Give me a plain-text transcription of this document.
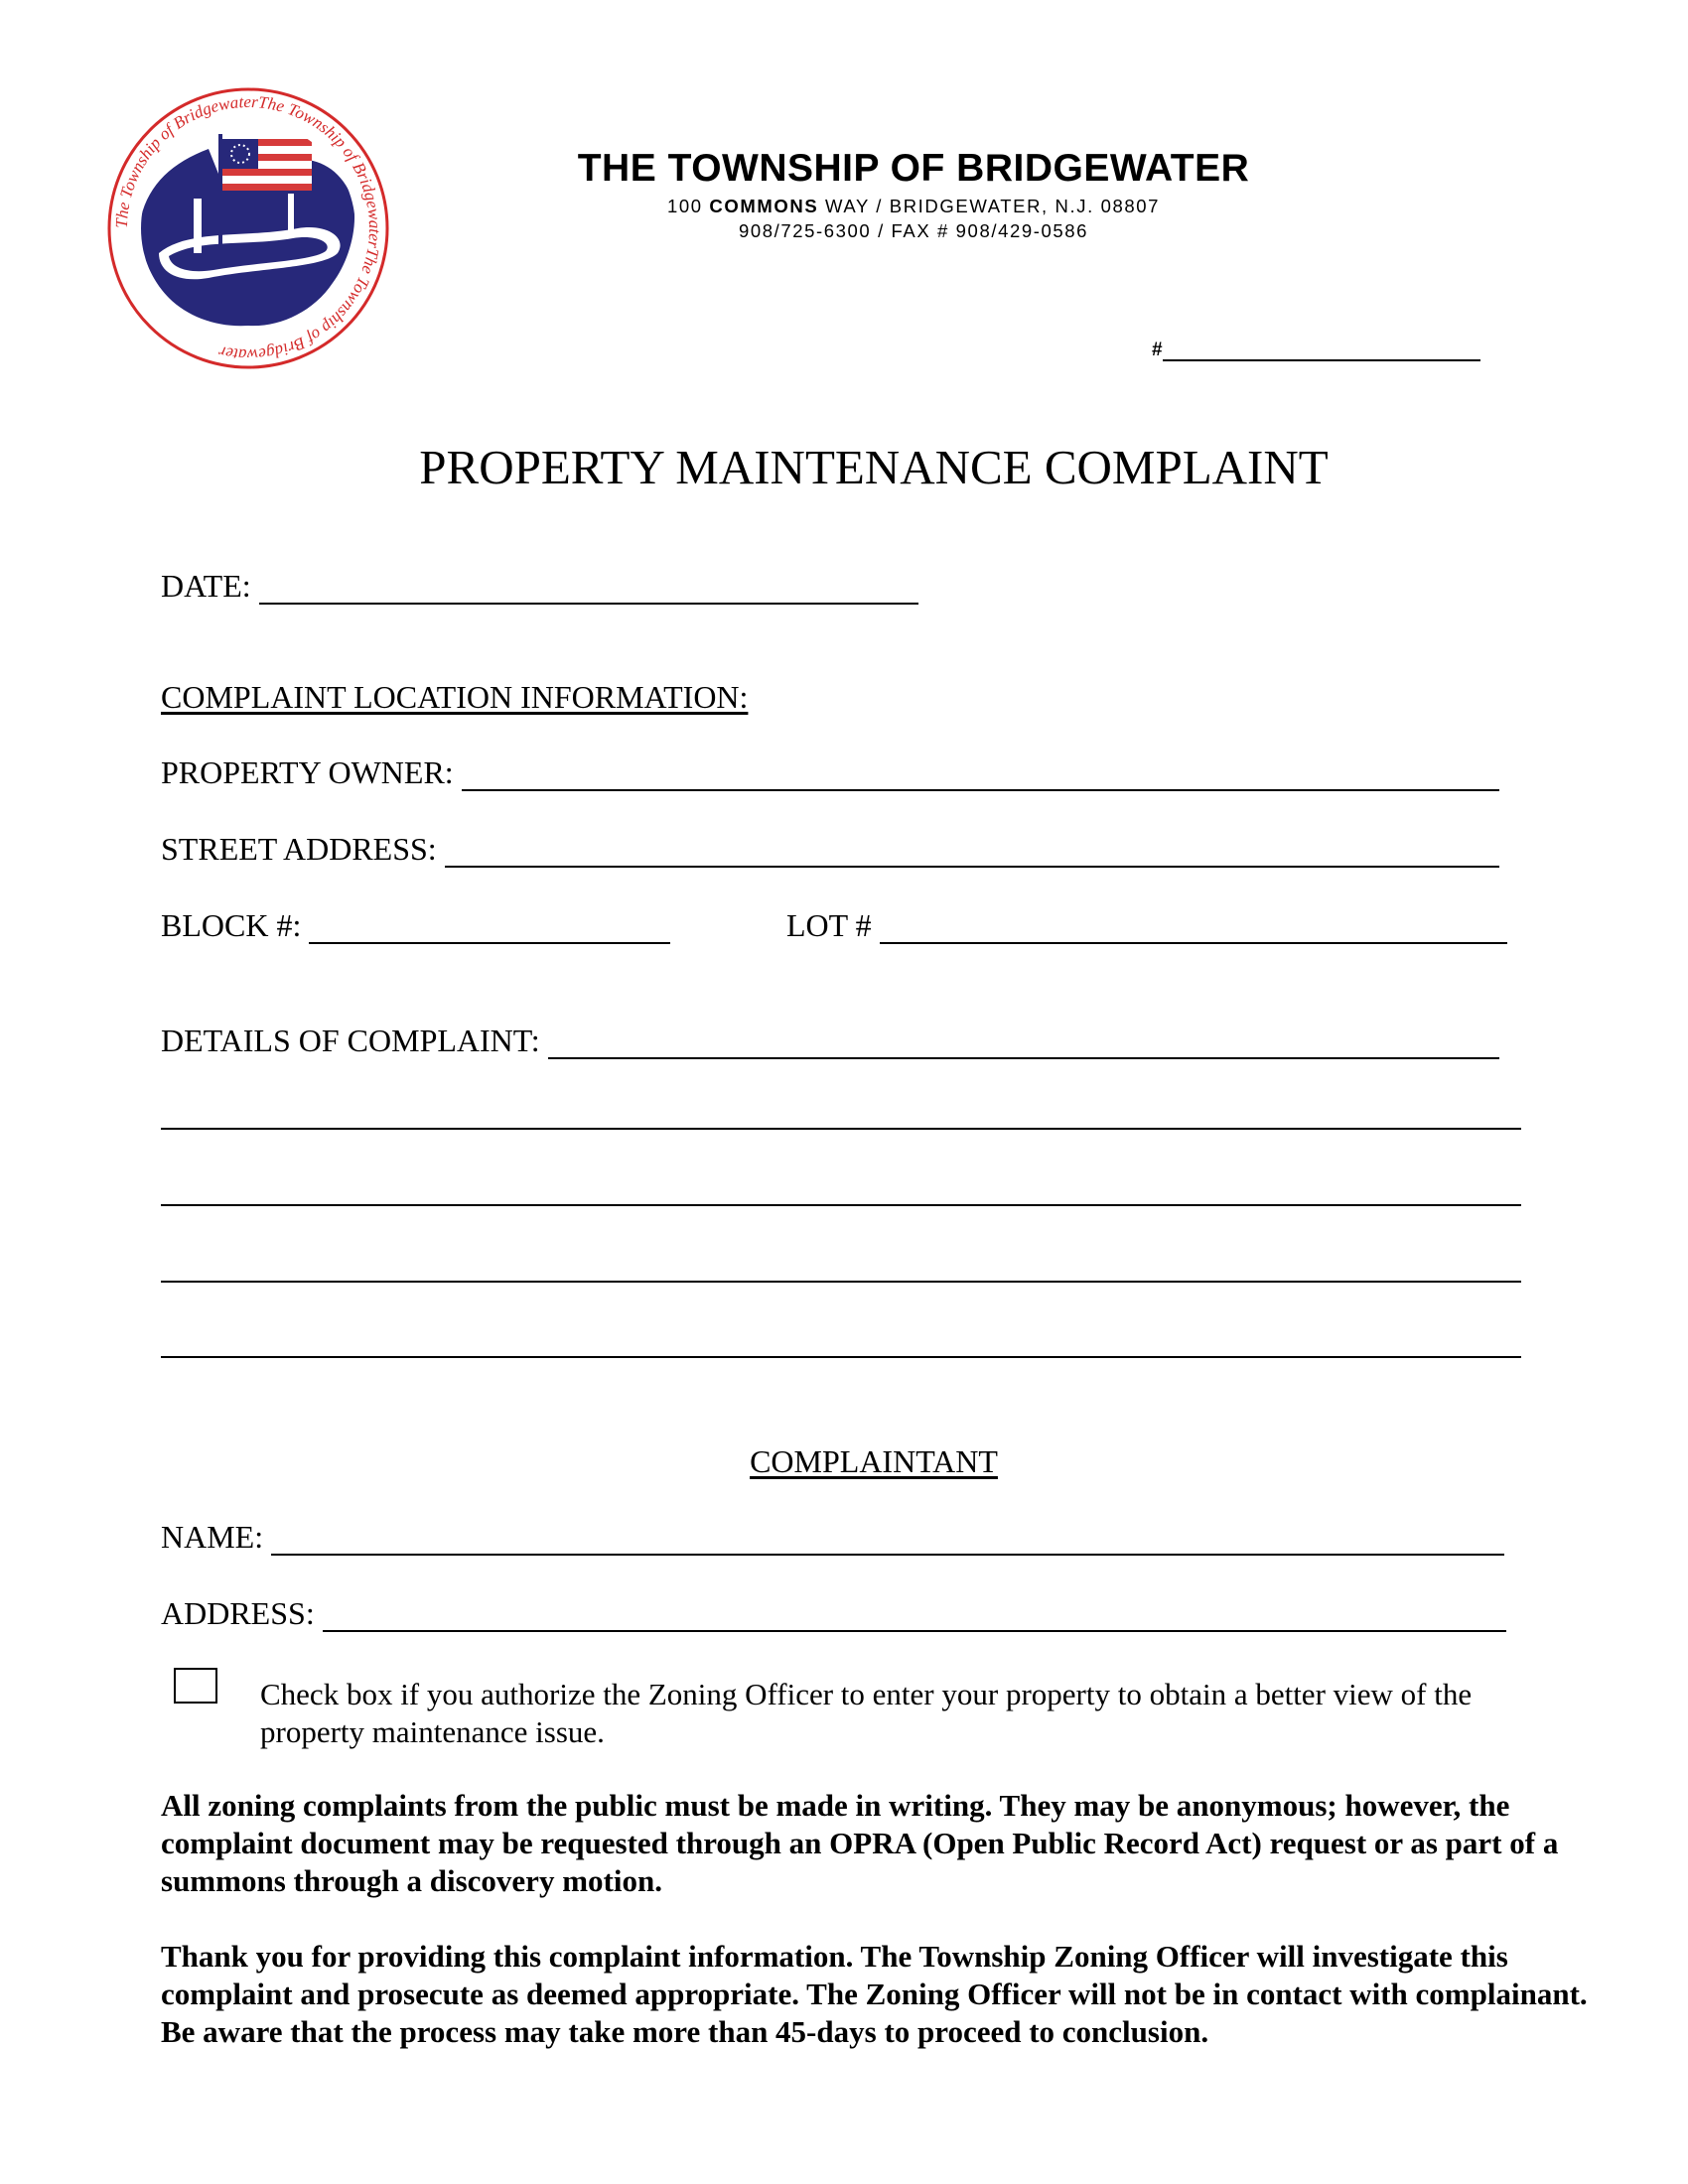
The Township of BridgewaterThe Township of BridgewaterThe Township of Bridgewater
THE TOWNSHIP OF BRIDGEWATER
100 COMMONS WAY / BRIDGEWATER, N.J. 08807
908/725-6300 / FAX # 908/429-0586
#
PROPERTY MAINTENANCE COMPLAINT
DATE:
COMPLAINT LOCATION INFORMATION:
PROPERTY OWNER:
STREET ADDRESS:
BLOCK #:	LOT #
DETAILS OF COMPLAINT:
COMPLAINTANT
NAME:
ADDRESS:
Check box if you authorize the Zoning Officer to enter your property to obtain a better view of the property maintenance issue.
All zoning complaints from the public must be made in writing. They may be anonymous; however, the complaint document may be requested through an OPRA (Open Public Record Act) request or as part of a summons through a discovery motion.
Thank you for providing this complaint information. The Township Zoning Officer will investigate this complaint and prosecute as deemed appropriate. The Zoning Officer will not be in contact with complainant. Be aware that the process may take more than 45-days to proceed to conclusion.
